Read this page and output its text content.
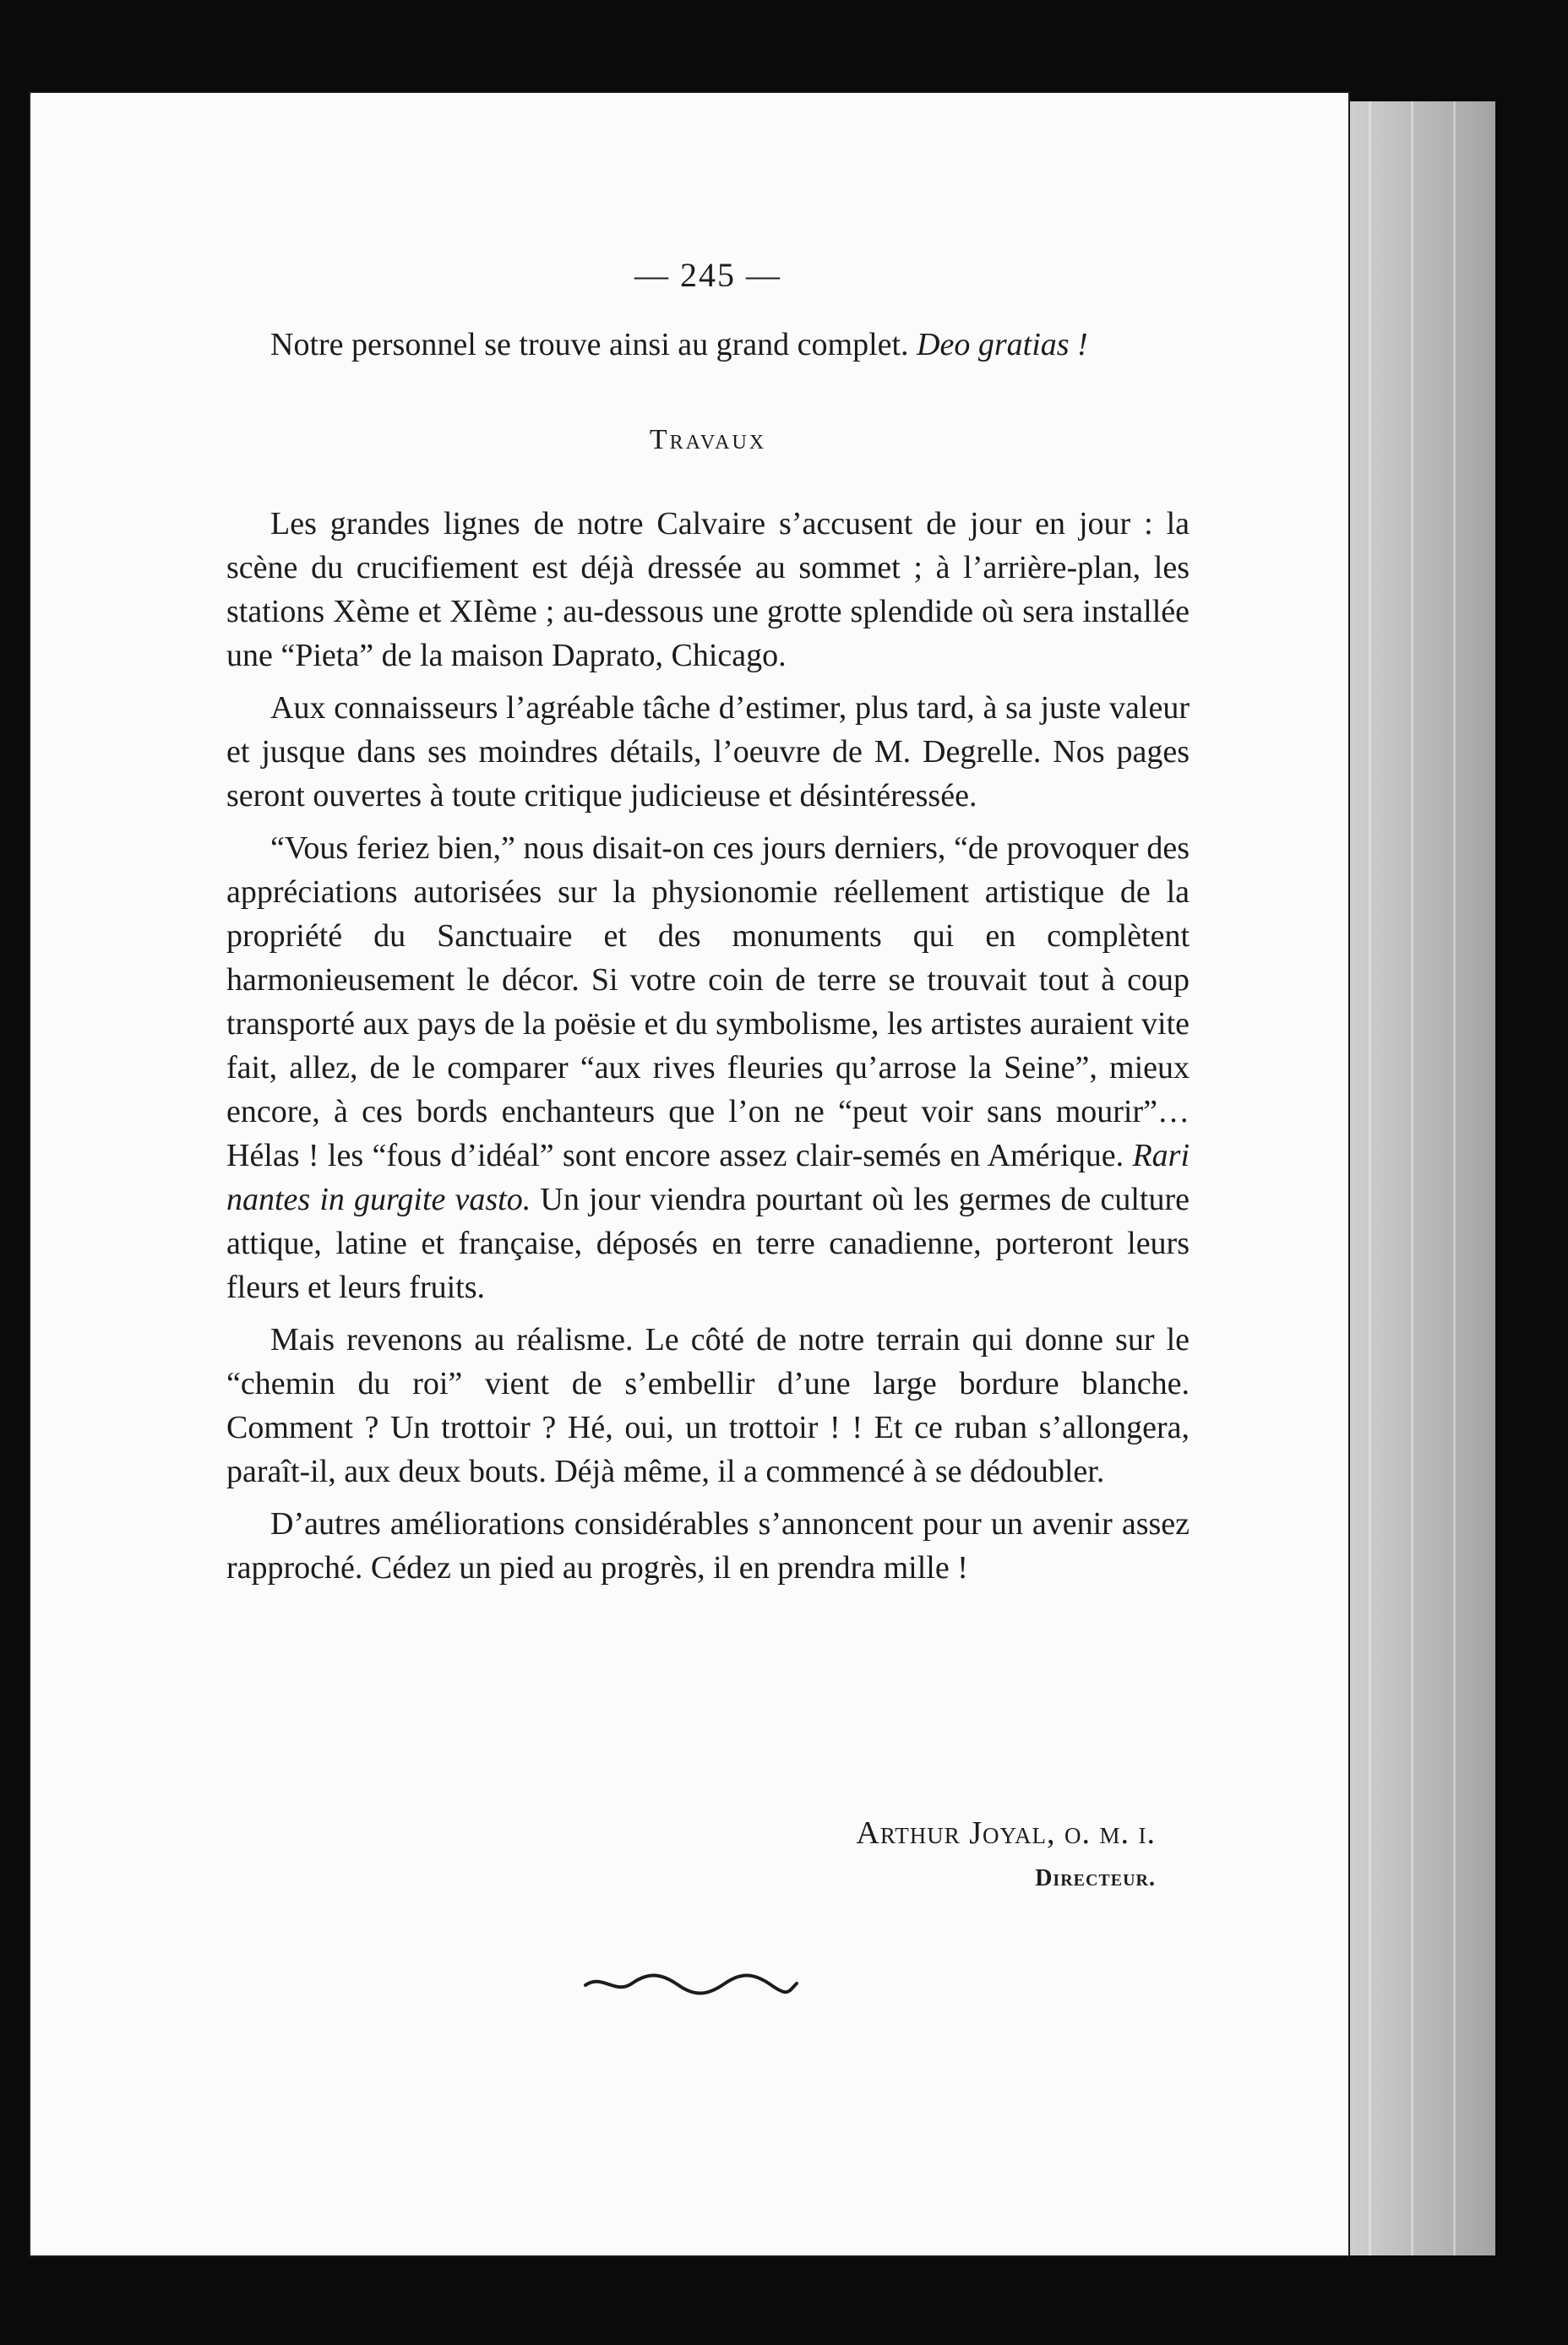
— 245 —
Notre personnel se trouve ainsi au grand complet. Deo gratias !
Travaux

Les grandes lignes de notre Calvaire s’accusent de jour en jour : la scène du crucifiement est déjà dressée au sommet ; à l’arrière-plan, les stations Xème et XIème ; au-dessous une grotte splendide où sera installée une “Pieta” de la maison Daprato, Chicago.

Aux connaisseurs l’agréable tâche d’estimer, plus tard, à sa juste valeur et jusque dans ses moindres détails, l’oeuvre de M. Degrelle. Nos pages seront ouvertes à toute critique judicieuse et désintéressée.

“Vous feriez bien,” nous disait-on ces jours derniers, “de provoquer des appréciations autorisées sur la physionomie réellement artistique de la propriété du Sanctuaire et des monuments qui en complètent harmonieusement le décor. Si votre coin de terre se trouvait tout à coup transporté aux pays de la poësie et du symbolisme, les artistes auraient vite fait, allez, de le comparer “aux rives fleuries qu’arrose la Seine”, mieux encore, à ces bords enchanteurs que l’on ne “peut voir sans mourir”… Hélas ! les “fous d’idéal” sont encore assez clair-semés en Amérique. Rari nantes in gurgite vasto. Un jour viendra pourtant où les germes de culture attique, latine et française, déposés en terre canadienne, porteront leurs fleurs et leurs fruits.

Mais revenons au réalisme. Le côté de notre terrain qui donne sur le “chemin du roi” vient de s’embellir d’une large bordure blanche. Comment ? Un trottoir ? Hé, oui, un trottoir ! ! Et ce ruban s’allongera, paraît-il, aux deux bouts. Déjà même, il a commencé à se dédoubler.

D’autres améliorations considérables s’annoncent pour un avenir assez rapproché. Cédez un pied au progrès, il en prendra mille !

Arthur Joyal, o. m. i.
Directeur.
